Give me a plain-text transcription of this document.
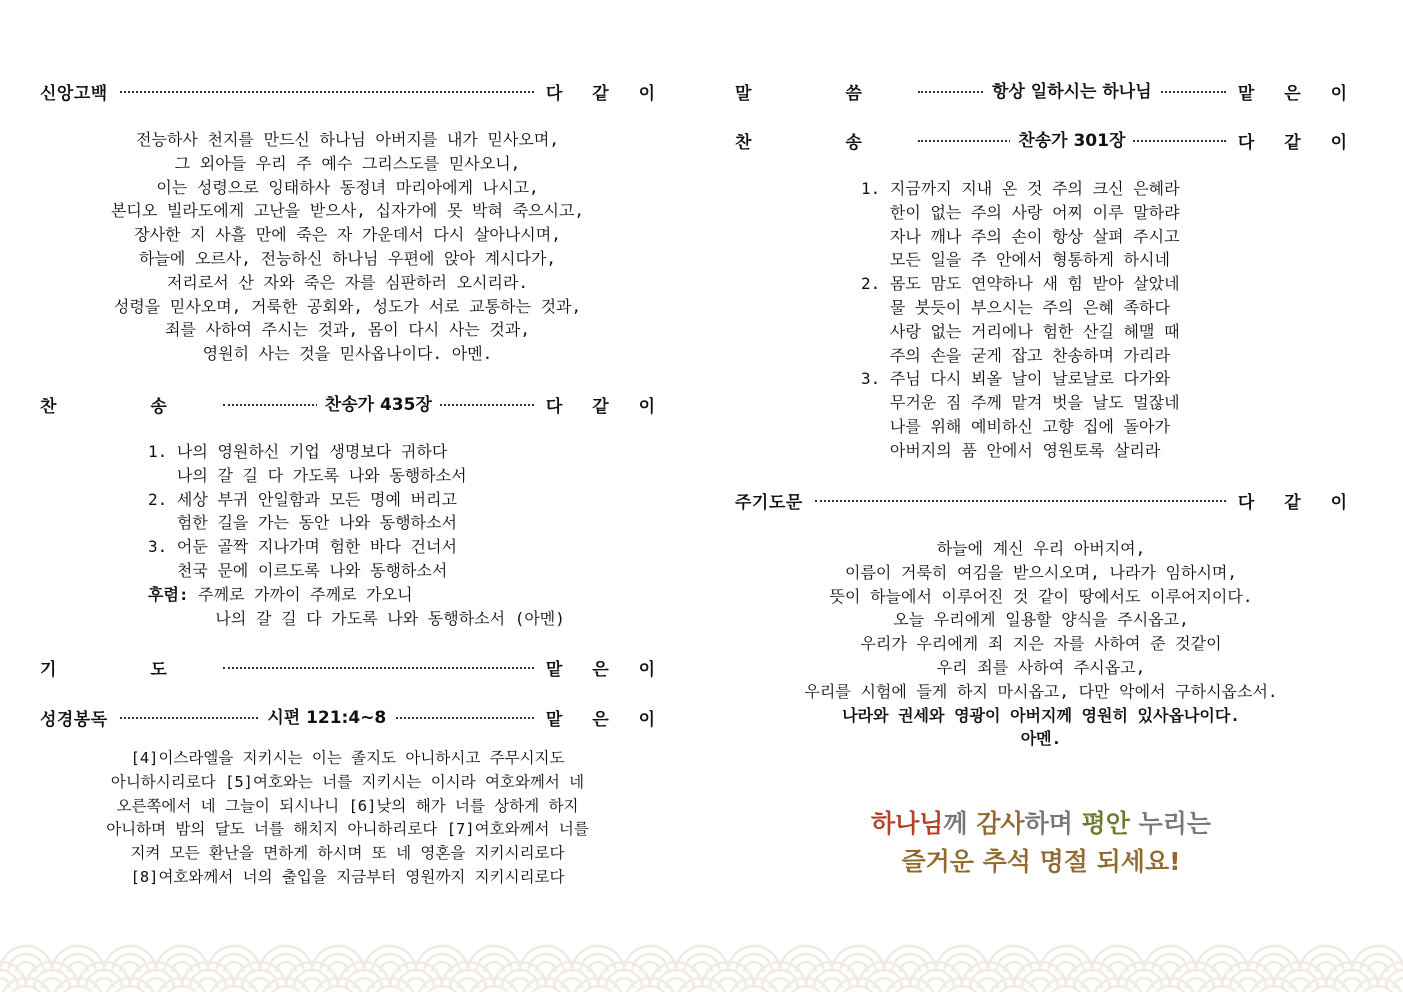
신앙고백	다 같 이
전능하사 천지를 만드신 하나님 아버지를 내가 믿사오며,
그 외아들 우리 주 예수 그리스도를 믿사오니,
이는 성령으로 잉태하사 동정녀 마리아에게 나시고,
본디오 빌라도에게 고난을 받으사, 십자가에 못 박혀 죽으시고,
장사한 지 사흘 만에 죽은 자 가운데서 다시 살아나시며,
하늘에 오르사, 전능하신 하나님 우편에 앉아 계시다가,
저리로서 산 자와 죽은 자를 심판하러 오시리라.
성령을 믿사오며, 거룩한 공회와, 성도가 서로 교통하는 것과,
죄를 사하여 주시는 것과, 몸이 다시 사는 것과,
영원히 사는 것을 믿사옵나이다. 아멘.
찬 송	찬송가 435장	다 같 이
1. 나의 영원하신 기업 생명보다 귀하다
나의 갈 길 다 가도록 나와 동행하소서
2. 세상 부귀 안일함과 모든 명예 버리고
험한 길을 가는 동안 나와 동행하소서
3. 어둔 골짝 지나가며 험한 바다 건너서
천국 문에 이르도록 나와 동행하소서
후렴: 주께로 가까이 주께로 가오니
나의 갈 길 다 가도록 나와 동행하소서 (아멘)
기 도	맡 은 이
성경봉독	시편 121:4~8	맡 은 이
[4]이스라엘을 지키시는 이는 졸지도 아니하시고 주무시지도
아니하시리로다 [5]여호와는 너를 지키시는 이시라 여호와께서 네
오른쪽에서 네 그늘이 되시나니 [6]낮의 해가 너를 상하게 하지
아니하며 밤의 달도 너를 해치지 아니하리로다 [7]여호와께서 너를
지켜 모든 환난을 면하게 하시며 또 네 영혼을 지키시리로다
[8]여호와께서 너의 출입을 지금부터 영원까지 지키시리로다
말 씀	항상 일하시는 하나님	맡 은 이
찬 송	찬송가 301장	다 같 이
1. 지금까지 지내 온 것 주의 크신 은혜라
한이 없는 주의 사랑 어찌 이루 말하랴
자나 깨나 주의 손이 항상 살펴 주시고
모든 일을 주 안에서 형통하게 하시네
2. 몸도 맘도 연약하나 새 힘 받아 살았네
물 붓듯이 부으시는 주의 은혜 족하다
사랑 없는 거리에나 험한 산길 헤맬 때
주의 손을 굳게 잡고 찬송하며 가리라
3. 주님 다시 뵈올 날이 날로날로 다가와
무거운 짐 주께 맡겨 벗을 날도 멀잖네
나를 위해 예비하신 고향 집에 돌아가
아버지의 품 안에서 영원토록 살리라
주기도문	다 같 이
하늘에 계신 우리 아버지여,
이름이 거룩히 여김을 받으시오며, 나라가 임하시며,
뜻이 하늘에서 이루어진 것 같이 땅에서도 이루어지이다.
오늘 우리에게 일용할 양식을 주시옵고,
우리가 우리에게 죄 지은 자를 사하여 준 것같이
우리 죄를 사하여 주시옵고,
우리를 시험에 들게 하지 마시옵고, 다만 악에서 구하시옵소서.
나라와 권세와 영광이 아버지께 영원히 있사옵나이다.
아멘.
하나님께 감사하며 평안 누리는
즐거운 추석 명절 되세요!
